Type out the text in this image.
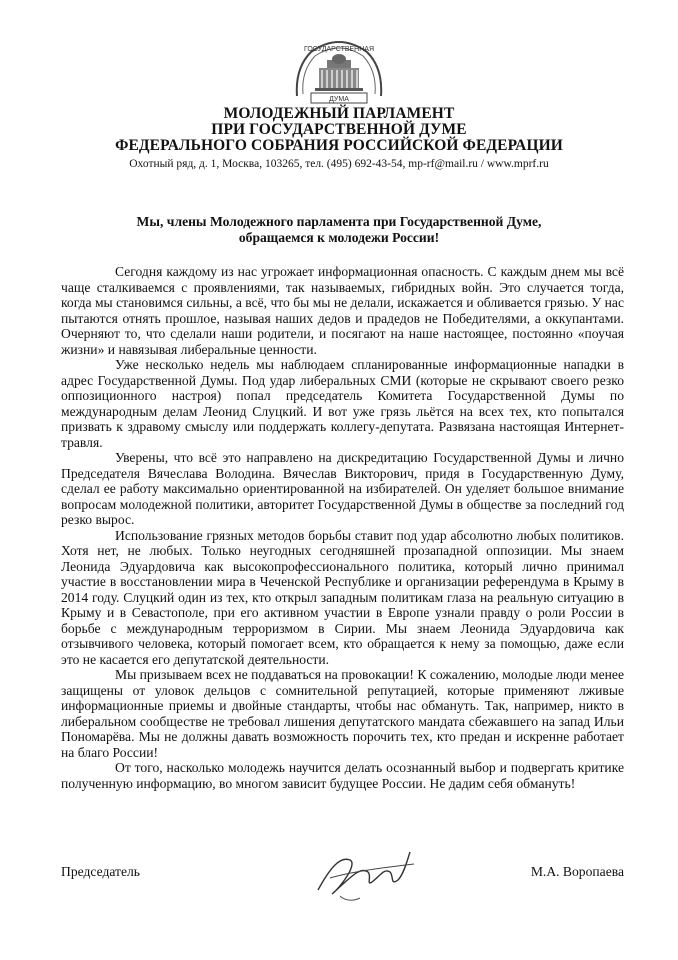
ГОСУДАРСТВЕННАЯ
ДУМА
МОЛОДЕЖНЫЙ ПАРЛАМЕНТ
ПРИ ГОСУДАРСТВЕННОЙ ДУМЕ
ФЕДЕРАЛЬНОГО СОБРАНИЯ РОССИЙСКОЙ ФЕДЕРАЦИИ
Охотный ряд, д. 1, Москва, 103265, тел. (495) 692-43-54, mp-rf@mail.ru / www.mprf.ru
Мы, члены Молодежного парламента при Государственной Думе,
обращаемся к молодежи России!

Сегодня каждому из нас угрожает информационная опасность. С каждым днем мы всё чаще сталкиваемся с проявлениями, так называемых, гибридных войн. Это случается тогда, когда мы становимся сильны, а всё, что бы мы не делали, искажается и обливается грязью. У нас пытаются отнять прошлое, называя наших дедов и прадедов не Победителями, а оккупантами. Очерняют то, что сделали наши родители, и посягают на наше настоящее, постоянно «поучая жизни» и навязывая либеральные ценности.

Уже несколько недель мы наблюдаем спланированные информационные нападки в адрес Государственной Думы. Под удар либеральных СМИ (которые не скрывают своего резко оппозиционного настроя) попал председатель Комитета Государственной Думы по международным делам Леонид Слуцкий. И вот уже грязь льётся на всех тех, кто попытался призвать к здравому смыслу или поддержать коллегу-депутата. Развязана настоящая Интернет-травля.

Уверены, что всё это направлено на дискредитацию Государственной Думы и лично Председателя Вячеслава Володина. Вячеслав Викторович, придя в Государственную Думу, сделал ее работу максимально ориентированной на избирателей. Он уделяет большое внимание вопросам молодежной политики, авторитет Государственной Думы в обществе за последний год резко вырос.

Использование грязных методов борьбы ставит под удар абсолютно любых политиков. Хотя нет, не любых. Только неугодных сегодняшней прозападной оппозиции. Мы знаем Леонида Эдуардовича как высокопрофессионального политика, который лично принимал участие в восстановлении мира в Чеченской Республике и организации референдума в Крыму в 2014 году. Слуцкий один из тех, кто открыл западным политикам глаза на реальную ситуацию в Крыму и в Севастополе, при его активном участии в Европе узнали правду о роли России в борьбе с международным терроризмом в Сирии. Мы знаем Леонида Эдуардовича как отзывчивого человека, который помогает всем, кто обращается к нему за помощью, даже если это не касается его депутатской деятельности.

Мы призываем всех не поддаваться на провокации! К сожалению, молодые люди менее защищены от уловок дельцов с сомнительной репутацией, которые применяют лживые информационные приемы и двойные стандарты, чтобы нас обмануть. Так, например, никто в либеральном сообществе не требовал лишения депутатского мандата сбежавшего на запад Ильи Пономарёва. Мы не должны давать возможность порочить тех, кто предан и искренне работает на благо России!

От того, насколько молодежь научится делать осознанный выбор и подвергать критике полученную информацию, во многом зависит будущее России. Не дадим себя обмануть!

Председатель	М.А. Воропаева
